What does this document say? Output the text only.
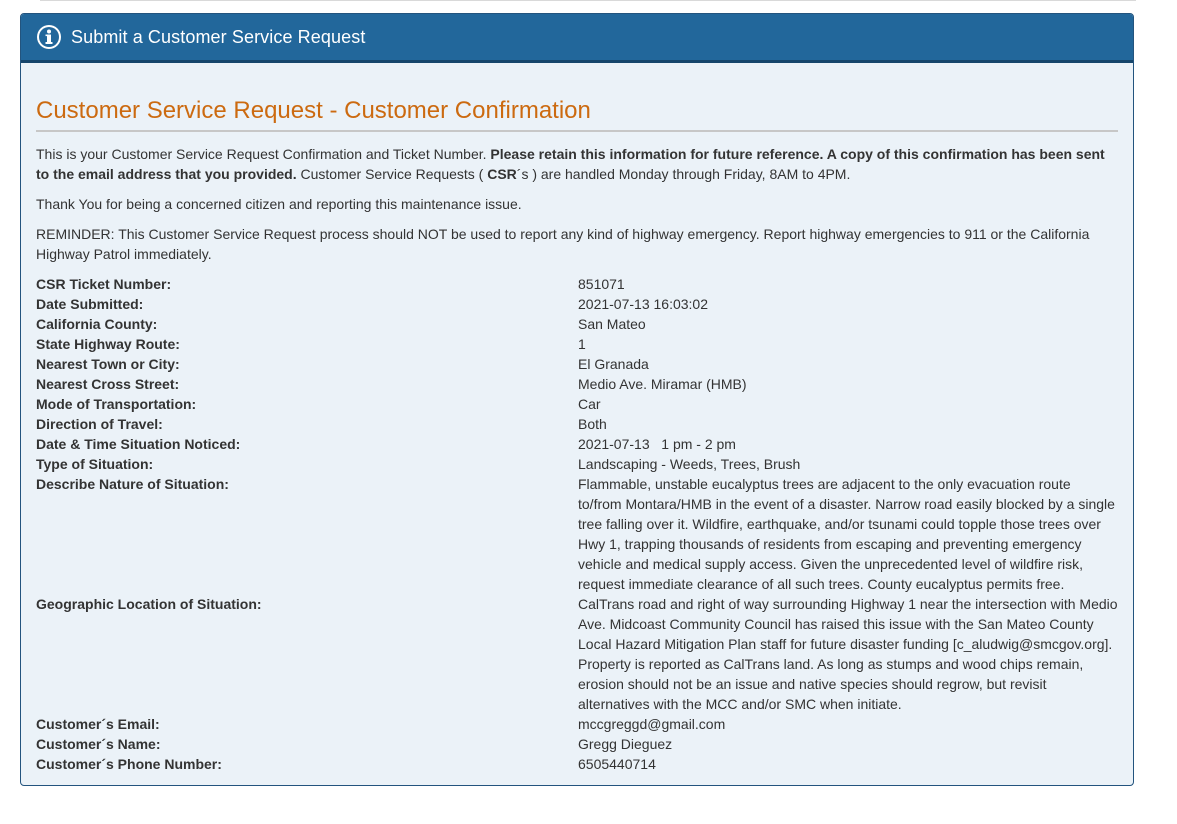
Submit a Customer Service Request
Customer Service Request - Customer Confirmation

This is your Customer Service Request Confirmation and Ticket Number. Please retain this information for future reference. A copy of this confirmation has been sent to the email address that you provided. Customer Service Requests ( CSR´s ) are handled Monday through Friday, 8AM to 4PM.

Thank You for being a concerned citizen and reporting this maintenance issue.

REMINDER: This Customer Service Request process should NOT be used to report any kind of highway emergency. Report highway emergencies to 911 or the California Highway Patrol immediately.

CSR Ticket Number:	851071
Date Submitted:	2021-07-13 16:03:02
California County:	San Mateo
State Highway Route:	1
Nearest Town or City:	El Granada
Nearest Cross Street:	Medio Ave. Miramar (HMB)
Mode of Transportation:	Car
Direction of Travel:	Both
Date & Time Situation Noticed:	2021-07-13   1 pm - 2 pm
Type of Situation:	Landscaping - Weeds, Trees, Brush
Describe Nature of Situation:	Flammable, unstable eucalyptus trees are adjacent to the only evacuation route to/from Montara/HMB in the event of a disaster. Narrow road easily blocked by a single tree falling over it. Wildfire, earthquake, and/or tsunami could topple those trees over Hwy 1, trapping thousands of residents from escaping and preventing emergency vehicle and medical supply access. Given the unprecedented level of wildfire risk, request immediate clearance of all such trees. County eucalyptus permits free.
Geographic Location of Situation:	CalTrans road and right of way surrounding Highway 1 near the intersection with Medio Ave. Midcoast Community Council has raised this issue with the San Mateo County Local Hazard Mitigation Plan staff for future disaster funding [c_aludwig@smcgov.org]. Property is reported as CalTrans land. As long as stumps and wood chips remain, erosion should not be an issue and native species should regrow, but revisit alternatives with the MCC and/or SMC when initiate.
Customer´s Email:	mccgreggd@gmail.com
Customer´s Name:	Gregg Dieguez
Customer´s Phone Number:	6505440714
